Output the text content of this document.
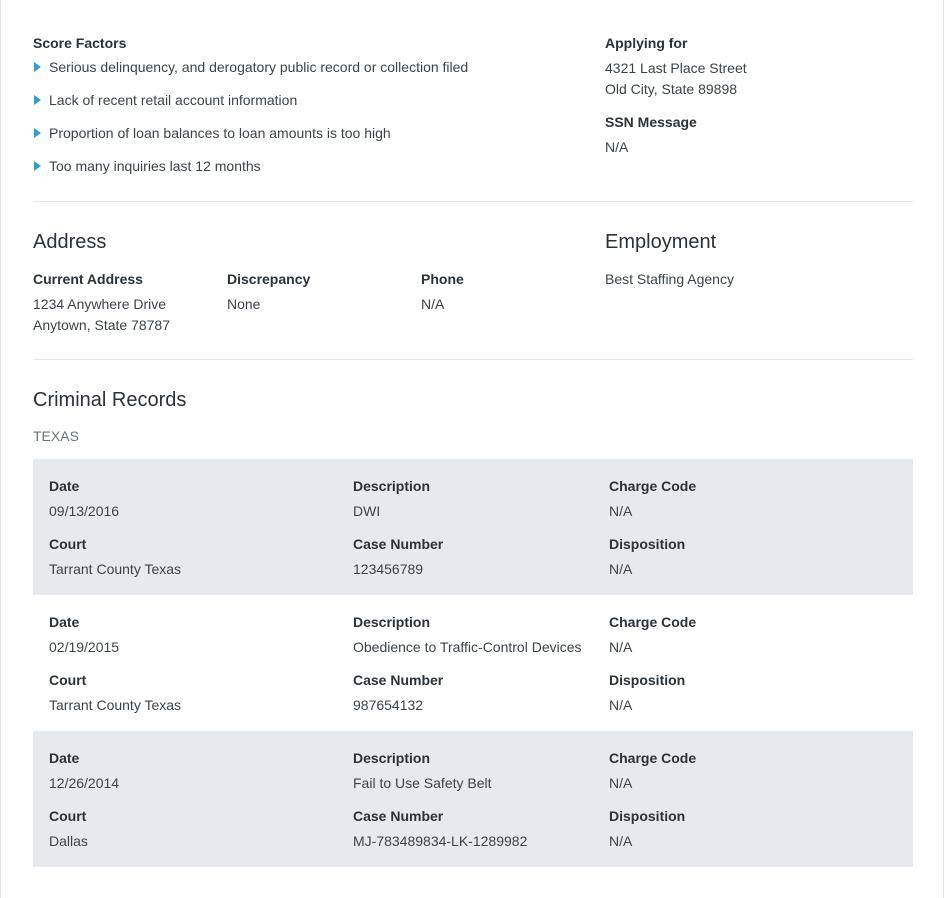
Score Factors
Serious delinquency, and derogatory public record or collection filed
Lack of recent retail account information
Proportion of loan balances to loan amounts is too high
Too many inquiries last 12 months
Applying for
4321 Last Place Street
Old City, State 89898
SSN Message
N/A
Address
Current Address
1234 Anywhere Drive
Anytown, State 78787
Discrepancy
None
Phone
N/A
Employment
Best Staffing Agency
Criminal Records
TEXAS
Date
09/13/2016
Description
DWI
Charge Code
N/A
Court
Tarrant County Texas
Case Number
123456789
Disposition
N/A
Date
02/19/2015
Description
Obedience to Traffic-Control Devices
Charge Code
N/A
Court
Tarrant County Texas
Case Number
987654132
Disposition
N/A
Date
12/26/2014
Description
Fail to Use Safety Belt
Charge Code
N/A
Court
Dallas
Case Number
MJ-783489834-LK-1289982
Disposition
N/A
